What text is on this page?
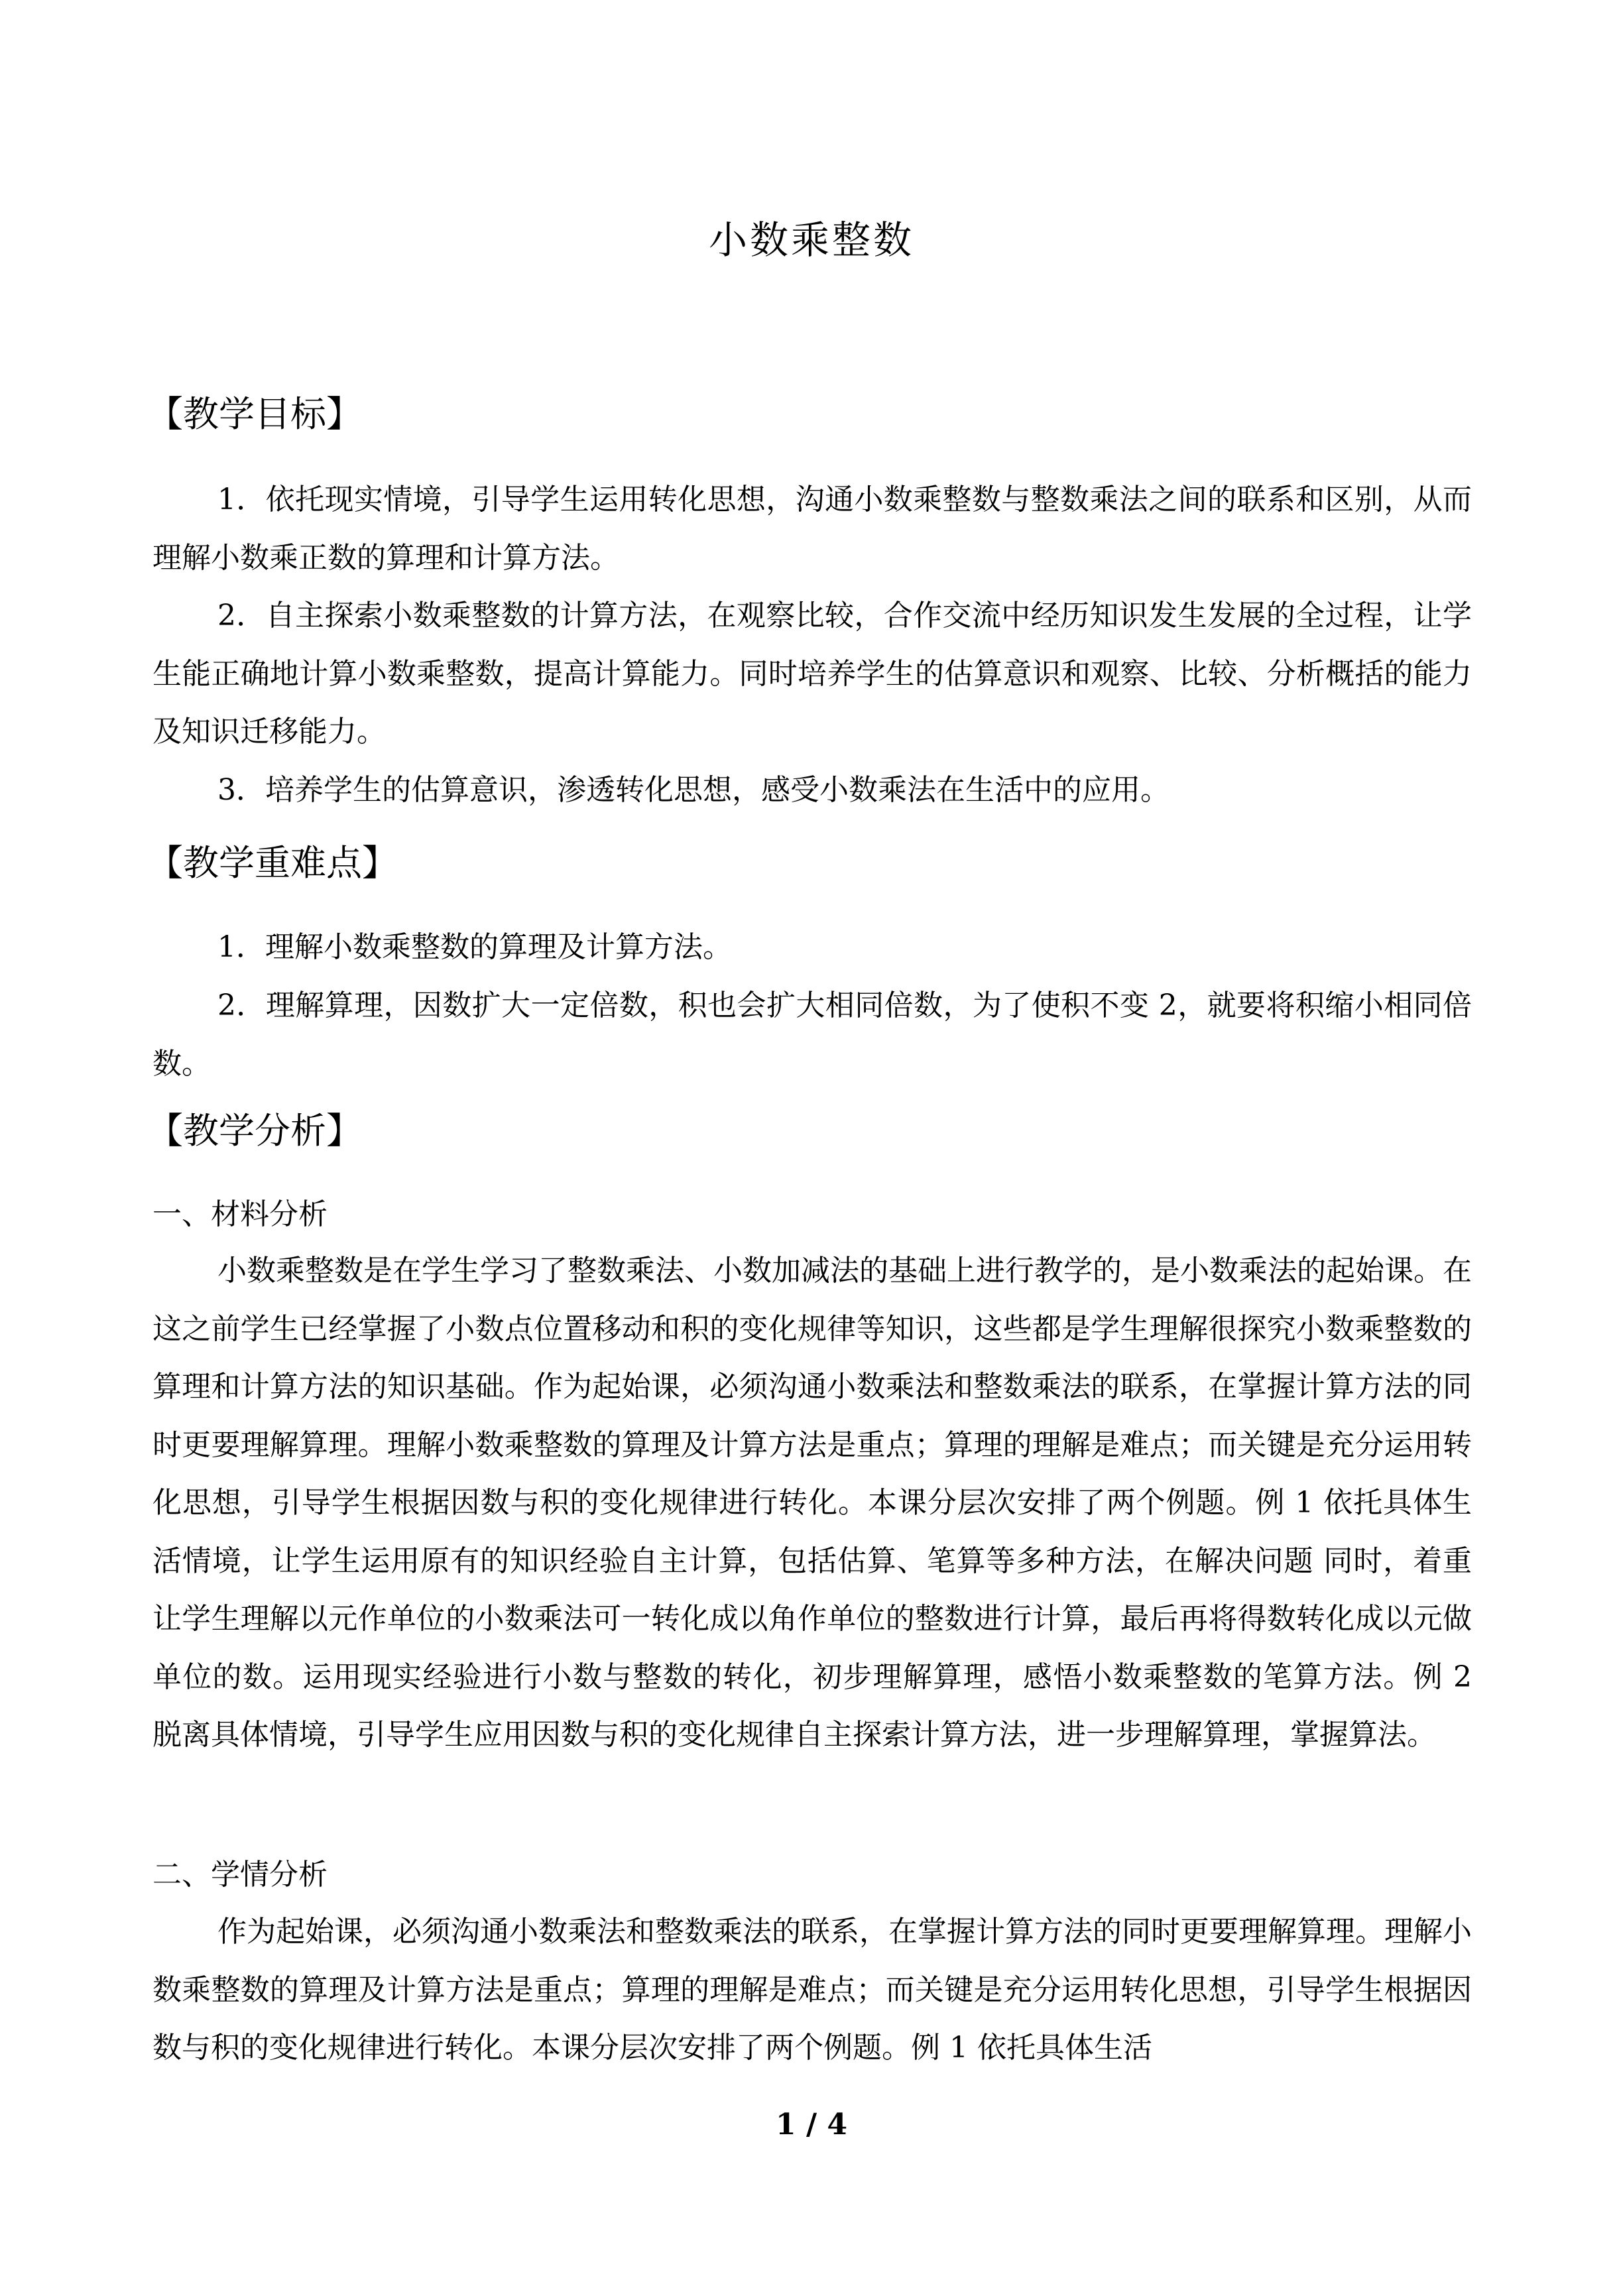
小数乘整数
【教学目标】
1．依托现实情境，引导学生运用转化思想，沟通小数乘整数与整数乘法之间的联系和区别，从而理解小数乘正数的算理和计算方法。
2．自主探索小数乘整数的计算方法，在观察比较，合作交流中经历知识发生发展的全过程，让学生能正确地计算小数乘整数，提高计算能力。同时培养学生的估算意识和观察、比较、分析概括的能力及知识迁移能力。
3．培养学生的估算意识，渗透转化思想，感受小数乘法在生活中的应用。
【教学重难点】
1．理解小数乘整数的算理及计算方法。
2．理解算理，因数扩大一定倍数，积也会扩大相同倍数，为了使积不变 2，就要将积缩小相同倍数。
【教学分析】
一、材料分析
小数乘整数是在学生学习了整数乘法、小数加减法的基础上进行教学的，是小数乘法的起始课。在这之前学生已经掌握了小数点位置移动和积的变化规律等知识，这些都是学生理解很探究小数乘整数的算理和计算方法的知识基础。作为起始课，必须沟通小数乘法和整数乘法的联系，在掌握计算方法的同时更要理解算理。理解小数乘整数的算理及计算方法是重点；算理的理解是难点；而关键是充分运用转化思想，引导学生根据因数与积的变化规律进行转化。本课分层次安排了两个例题。例 1 依托具体生活情境，让学生运用原有的知识经验自主计算，包括估算、笔算等多种方法，在解决问题 同时，着重让学生理解以元作单位的小数乘法可一转化成以角作单位的整数进行计算，最后再将得数转化成以元做单位的数。运用现实经验进行小数与整数的转化，初步理解算理，感悟小数乘整数的笔算方法。例 2 脱离具体情境，引导学生应用因数与积的变化规律自主探索计算方法，进一步理解算理，掌握算法。
二、学情分析
作为起始课，必须沟通小数乘法和整数乘法的联系，在掌握计算方法的同时更要理解算理。理解小数乘整数的算理及计算方法是重点；算理的理解是难点；而关键是充分运用转化思想，引导学生根据因数与积的变化规律进行转化。本课分层次安排了两个例题。例 1 依托具体生活
1 / 4
